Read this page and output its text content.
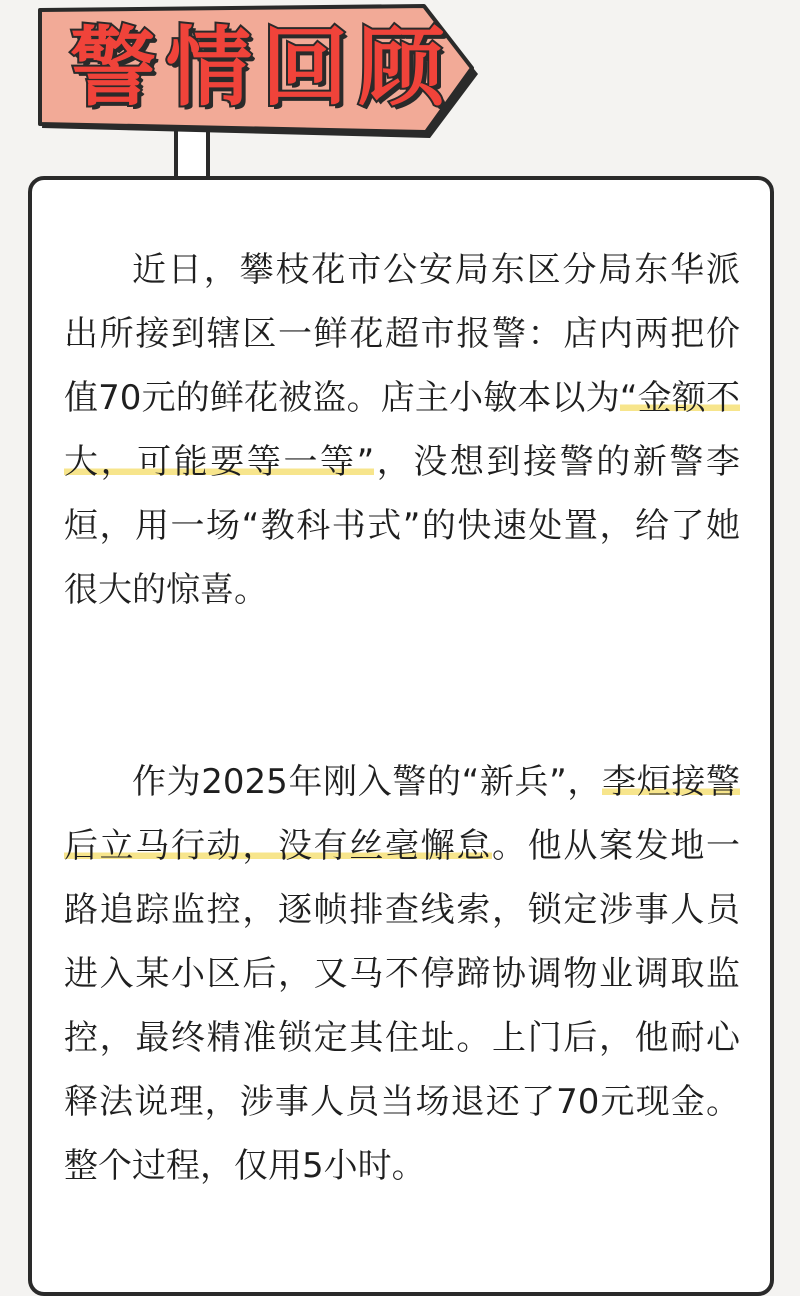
警情回顾

近日，攀枝花市公安局东区分局东华派出所接到辖区一鲜花超市报警：店内两把价值70元的鲜花被盗。店主小敏本以为“金额不大，可能要等一等”，没想到接警的新警李烜，用一场“教科书式”的快速处置，给了她很大的惊喜。

作为2025年刚入警的“新兵”，李烜接警后立马行动，没有丝毫懈怠。他从案发地一路追踪监控，逐帧排查线索，锁定涉事人员进入某小区后，又马不停蹄协调物业调取监控，最终精准锁定其住址。上门后，他耐心释法说理，涉事人员当场退还了70元现金。整个过程，仅用5小时。
